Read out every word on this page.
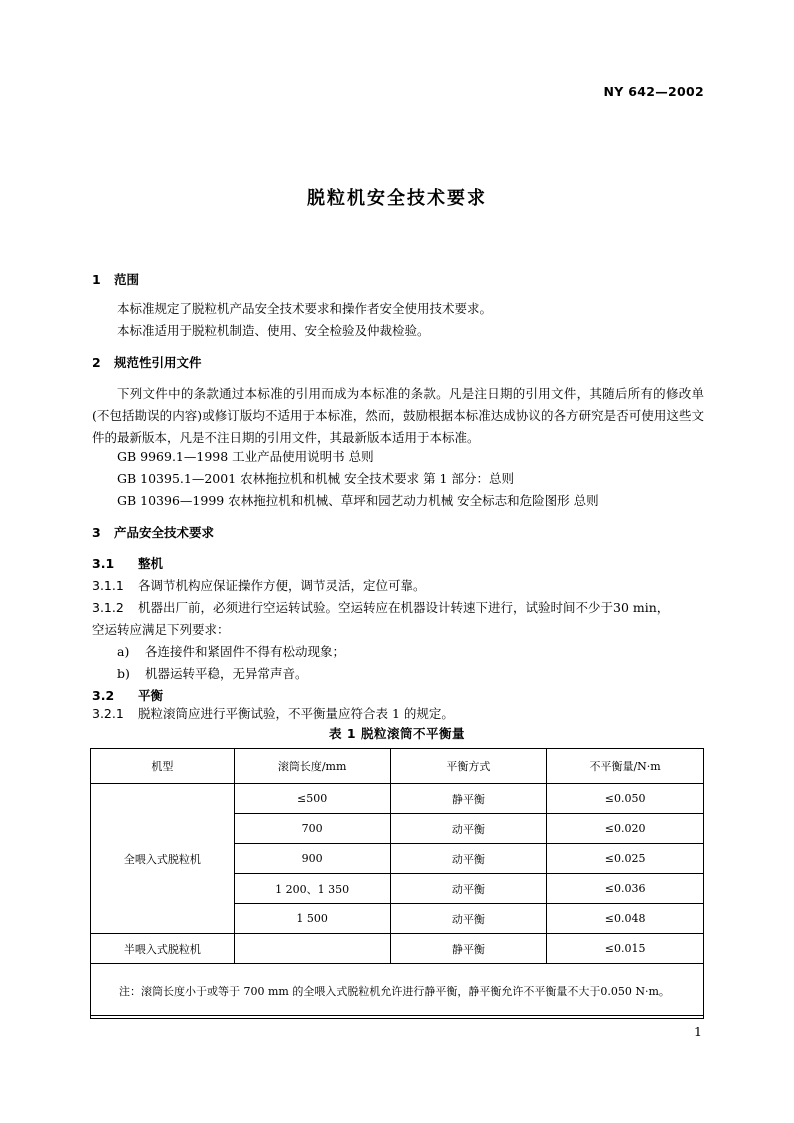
NY 642—2002
脱粒机安全技术要求
1 范围
本标准规定了脱粒机产品安全技术要求和操作者安全使用技术要求。
本标准适用于脱粒机制造、使用、安全检验及仲裁检验。
2 规范性引用文件

下列文件中的条款通过本标准的引用而成为本标准的条款。凡是注日期的引用文件，其随后所有的修改单(不包括勘误的内容)或修订版均不适用于本标准，然而，鼓励根据本标准达成协议的各方研究是否可使用这些文件的最新版本，凡是不注日期的引用文件，其最新版本适用于本标准。

GB 9969.1—1998 工业产品使用说明书 总则
GB 10395.1—2001 农林拖拉机和机械 安全技术要求 第 1 部分：总则
GB 10396—1999 农林拖拉机和机械、草坪和园艺动力机械 安全标志和危险图形 总则
3 产品安全技术要求
3.1 整机
3.1.1 各调节机构应保证操作方便，调节灵活，定位可靠。
3.1.2 机器出厂前，必须进行空运转试验。空运转应在机器设计转速下进行，试验时间不少于30 min，
空运转应满足下列要求：
a) 各连接件和紧固件不得有松动现象；
b) 机器运转平稳，无异常声音。
3.2 平衡
3.2.1 脱粒滚筒应进行平衡试验，不平衡量应符合表 1 的规定。
表 1 脱粒滚筒不平衡量
机型	滚筒长度/mm	平衡方式	不平衡量/N·m
全喂入式脱粒机	≤500	静平衡	≤0.050
	700	动平衡	≤0.020
	900	动平衡	≤0.025
	1 200、1 350	动平衡	≤0.036
	1 500	动平衡	≤0.048
半喂入式脱粒机		静平衡	≤0.015
注：滚筒长度小于或等于 700 mm 的全喂入式脱粒机允许进行静平衡，静平衡允许不平衡量不大于0.050 N·m。			
1
